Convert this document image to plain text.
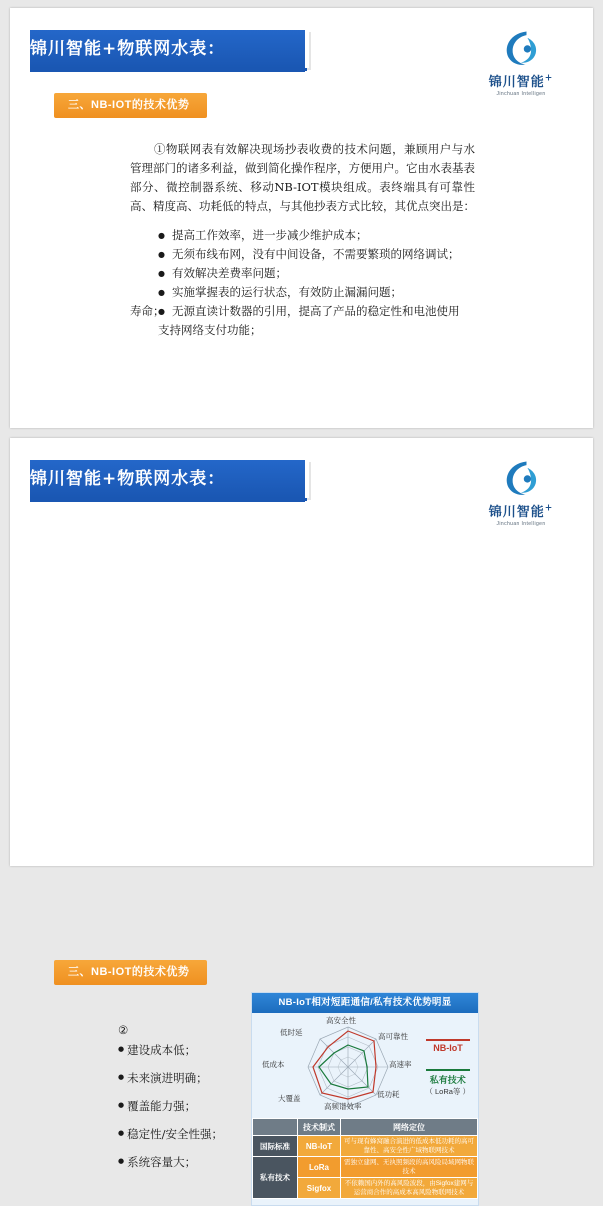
锦川智能+物联网水表：
锦川智能+
Jinchuan Intelligen
三、NB-IOT的技术优势
①物联网表有效解决现场抄表收费的技术问题，兼顾用户与水管理部门的诸多利益，做到简化操作程序，方便用户。它由水表基表部分、微控制器系统、移动NB-IOT模块组成。表终端具有可靠性高、精度高、功耗低的特点，与其他抄表方式比较，其优点突出是：
● 提高工作效率，进一步减少维护成本；
● 无须布线布网，没有中间设备，不需要繁琐的网络调试；
● 有效解决差费率问题；
● 实施掌握表的运行状态，有效防止漏漏问题；
● 无源直读计数器的引用，提高了产品的稳定性和电池使用
寿命；
支持网络支付功能；
锦川智能+物联网水表：
锦川智能+
Jinchuan Intelligen
三、NB-IOT的技术优势
②
● 建设成本低；
● 未来演进明确；
● 覆盖能力强；
● 稳定性/安全性强；
● 系统容量大；
NB-IoT相对短距通信/私有技术优势明显
高安全性
高可靠性
高速率
低功耗
高频谱效率
大覆盖
低成本
低时延
NB-IoT
私有技术
（ LoRa等 ）
	技术制式	网络定位
国际标准	NB-IoT	可与现有蜂窝融合演进的低成本低功耗的高可靠性、高安全性广域物联网技术
私有技术	LoRa	需独立建网、无执照频段的高风险局域网物联技术
	Sigfox	不依赖国内外的高风险波段，由Sigfox建网与运营商合作的高成本高风险物联网技术
